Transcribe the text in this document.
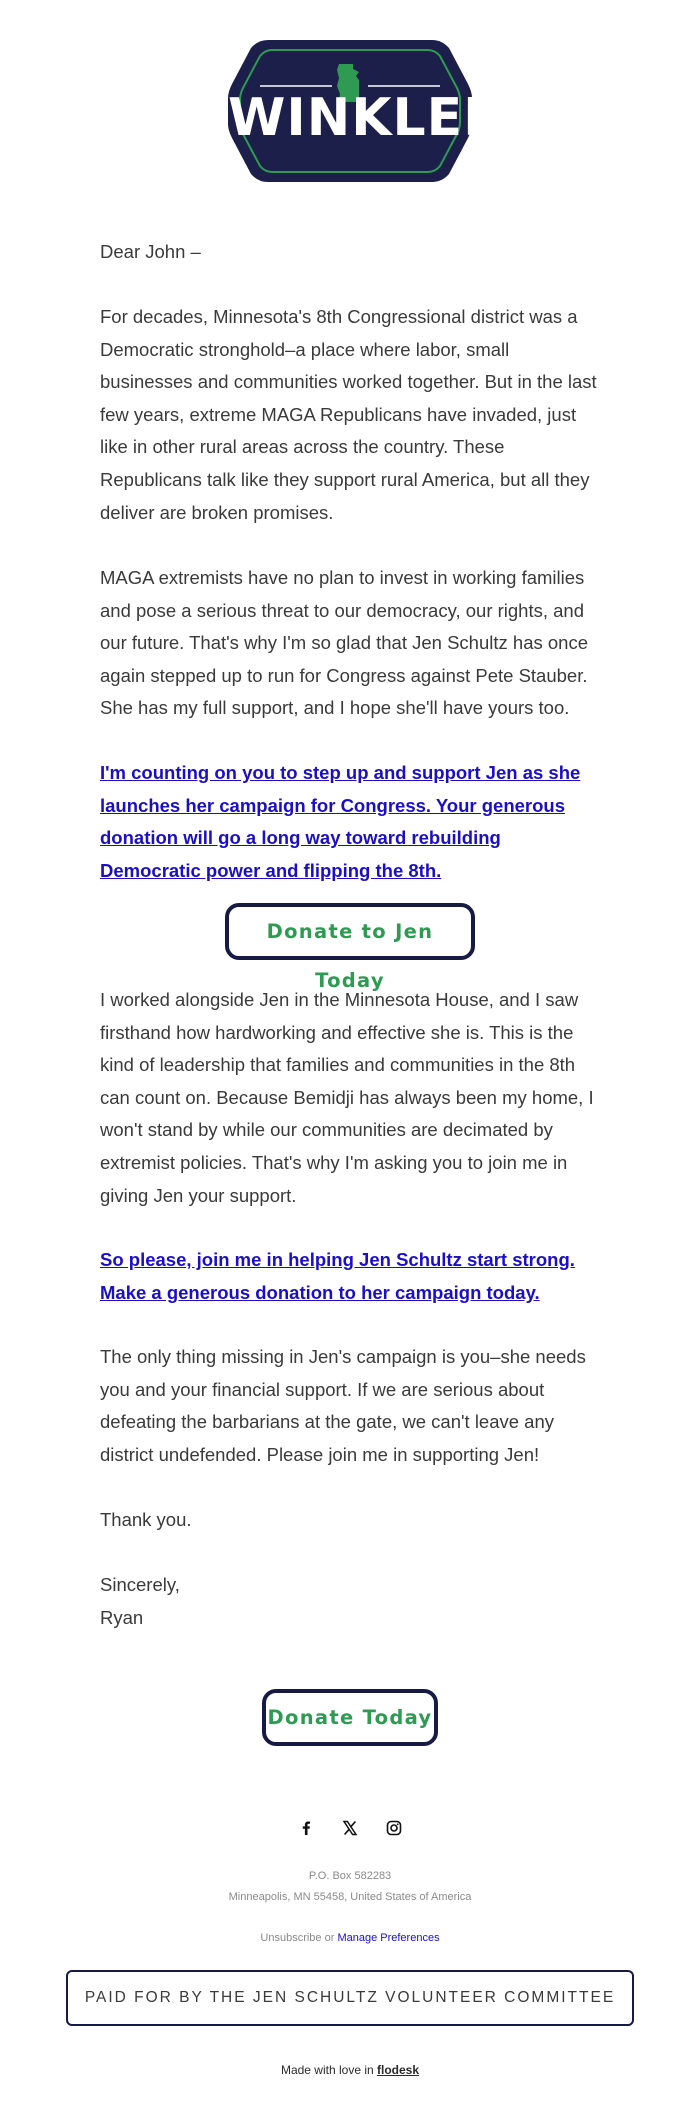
WINKLER

Dear John –

For decades, Minnesota's 8th Congressional district was a Democratic stronghold–a place where labor, small businesses and communities worked together. But in the last few years, extreme MAGA Republicans have invaded, just like in other rural areas across the country. These Republicans talk like they support rural America, but all they deliver are broken promises.

MAGA extremists have no plan to invest in working families and pose a serious threat to our democracy, our rights, and our future. That's why I'm so glad that Jen Schultz has once again stepped up to run for Congress against Pete Stauber. She has my full support, and I hope she'll have yours too.

I'm counting on you to step up and support Jen as she launches her campaign for Congress. Your generous donation will go a long way toward rebuilding Democratic power and flipping the 8th.

Donate to Jen Today

I worked alongside Jen in the Minnesota House, and I saw firsthand how hardworking and effective she is. This is the kind of leadership that families and communities in the 8th can count on. Because Bemidji has always been my home, I won't stand by while our communities are decimated by extremist policies. That's why I'm asking you to join me in giving Jen your support.

So please, join me in helping Jen Schultz start strong. Make a generous donation to her campaign today.

The only thing missing in Jen's campaign is you–she needs you and your financial support. If we are serious about defeating the barbarians at the gate, we can't leave any district undefended. Please join me in supporting Jen!

Thank you.

Sincerely,

Ryan

Donate Today
P.O. Box 582283
Minneapolis, MN 55458, United States of America
Unsubscribe or Manage Preferences
PAID FOR BY THE JEN SCHULTZ VOLUNTEER COMMITTEE
Made with love in flodesk
